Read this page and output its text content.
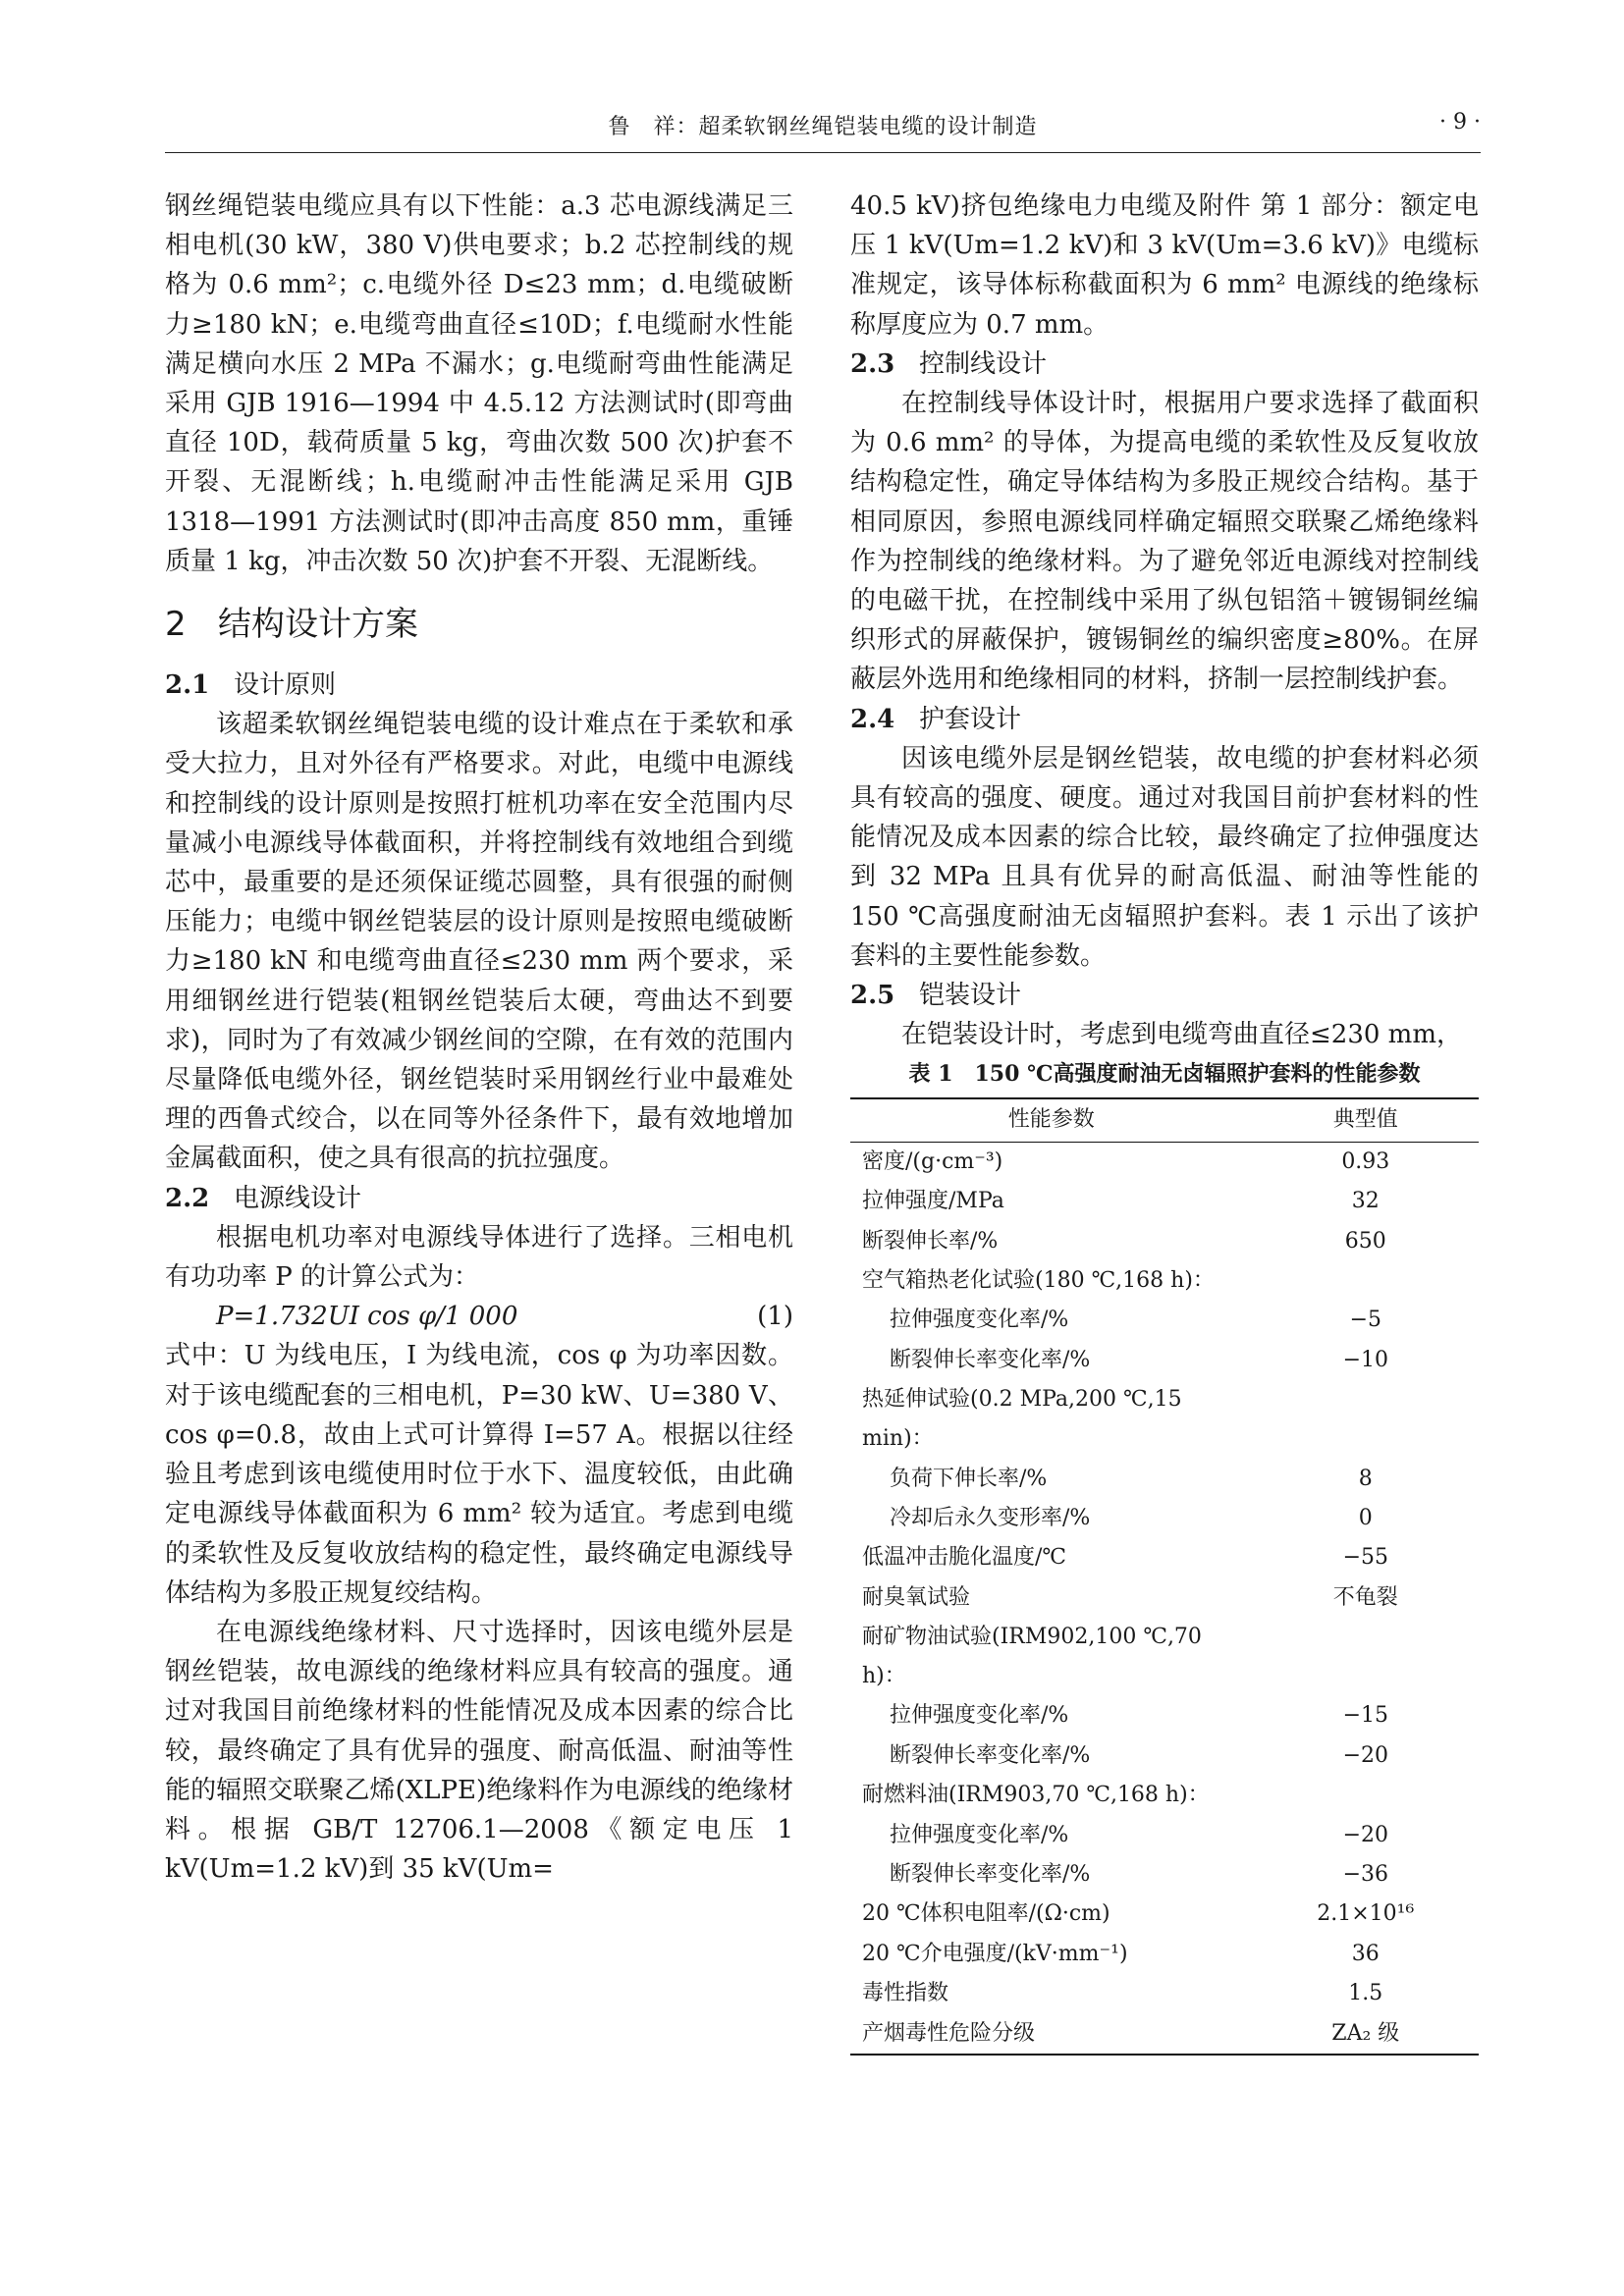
鲁　祥：超柔软钢丝绳铠装电缆的设计制造	· 9 ·

钢丝绳铠装电缆应具有以下性能：a.3 芯电源线满足三相电机(30 kW，380 V)供电要求；b.2 芯控制线的规格为 0.6 mm²；c.电缆外径 D≤23 mm；d.电缆破断力≥180 kN；e.电缆弯曲直径≤10D；f.电缆耐水性能满足横向水压 2 MPa 不漏水；g.电缆耐弯曲性能满足采用 GJB 1916—1994 中 4.5.12 方法测试时(即弯曲直径 10D，载荷质量 5 kg，弯曲次数 500 次)护套不开裂、无混断线；h.电缆耐冲击性能满足采用 GJB 1318—1991 方法测试时(即冲击高度 850 mm，重锤质量 1 kg，冲击次数 50 次)护套不开裂、无混断线。

2 结构设计方案
2.1 设计原则

该超柔软钢丝绳铠装电缆的设计难点在于柔软和承受大拉力，且对外径有严格要求。对此，电缆中电源线和控制线的设计原则是按照打桩机功率在安全范围内尽量减小电源线导体截面积，并将控制线有效地组合到缆芯中，最重要的是还须保证缆芯圆整，具有很强的耐侧压能力；电缆中钢丝铠装层的设计原则是按照电缆破断力≥180 kN 和电缆弯曲直径≤230 mm 两个要求，采用细钢丝进行铠装(粗钢丝铠装后太硬，弯曲达不到要求)，同时为了有效减少钢丝间的空隙，在有效的范围内尽量降低电缆外径，钢丝铠装时采用钢丝行业中最难处理的西鲁式绞合，以在同等外径条件下，最有效地增加金属截面积，使之具有很高的抗拉强度。

2.2 电源线设计

根据电机功率对电源线导体进行了选择。三相电机有功功率 P 的计算公式为：

P=1.732UI cos φ/1 000	(1)

式中：U 为线电压，I 为线电流，cos φ 为功率因数。对于该电缆配套的三相电机，P=30 kW、U=380 V、cos φ=0.8，故由上式可计算得 I=57 A。根据以往经验且考虑到该电缆使用时位于水下、温度较低，由此确定电源线导体截面积为 6 mm² 较为适宜。考虑到电缆的柔软性及反复收放结构的稳定性，最终确定电源线导体结构为多股正规复绞结构。

在电源线绝缘材料、尺寸选择时，因该电缆外层是钢丝铠装，故电源线的绝缘材料应具有较高的强度。通过对我国目前绝缘材料的性能情况及成本因素的综合比较，最终确定了具有优异的强度、耐高低温、耐油等性能的辐照交联聚乙烯(XLPE)绝缘料作为电源线的绝缘材料。根据 GB/T 12706.1—2008《额定电压 1 kV(Um=1.2 kV)到 35 kV(Um=

40.5 kV)挤包绝缘电力电缆及附件 第 1 部分：额定电压 1 kV(Um=1.2 kV)和 3 kV(Um=3.6 kV)》电缆标准规定，该导体标称截面积为 6 mm² 电源线的绝缘标称厚度应为 0.7 mm。

2.3 控制线设计

在控制线导体设计时，根据用户要求选择了截面积为 0.6 mm² 的导体，为提高电缆的柔软性及反复收放结构稳定性，确定导体结构为多股正规绞合结构。基于相同原因，参照电源线同样确定辐照交联聚乙烯绝缘料作为控制线的绝缘材料。为了避免邻近电源线对控制线的电磁干扰，在控制线中采用了纵包铝箔＋镀锡铜丝编织形式的屏蔽保护，镀锡铜丝的编织密度≥80%。在屏蔽层外选用和绝缘相同的材料，挤制一层控制线护套。

2.4 护套设计

因该电缆外层是钢丝铠装，故电缆的护套材料必须具有较高的强度、硬度。通过对我国目前护套材料的性能情况及成本因素的综合比较，最终确定了拉伸强度达到 32 MPa 且具有优异的耐高低温、耐油等性能的 150 ℃高强度耐油无卤辐照护套料。表 1 示出了该护套料的主要性能参数。

2.5 铠装设计

在铠装设计时，考虑到电缆弯曲直径≤230 mm，

表 1　150 ℃高强度耐油无卤辐照护套料的性能参数
性能参数	典型值
密度/(g·cm⁻³)	0.93
拉伸强度/MPa	32
断裂伸长率/%	650
空气箱热老化试验(180 ℃,168 h)：	
拉伸强度变化率/%	−5
断裂伸长率变化率/%	−10
热延伸试验(0.2 MPa,200 ℃,15 min)：	
负荷下伸长率/%	8
冷却后永久变形率/%	0
低温冲击脆化温度/℃	−55
耐臭氧试验	不龟裂
耐矿物油试验(IRM902,100 ℃,70 h)：	
拉伸强度变化率/%	−15
断裂伸长率变化率/%	−20
耐燃料油(IRM903,70 ℃,168 h)：	
拉伸强度变化率/%	−20
断裂伸长率变化率/%	−36
20 ℃体积电阻率/(Ω·cm)	2.1×10¹⁶
20 ℃介电强度/(kV·mm⁻¹)	36
毒性指数	1.5
产烟毒性危险分级	ZA₂ 级
